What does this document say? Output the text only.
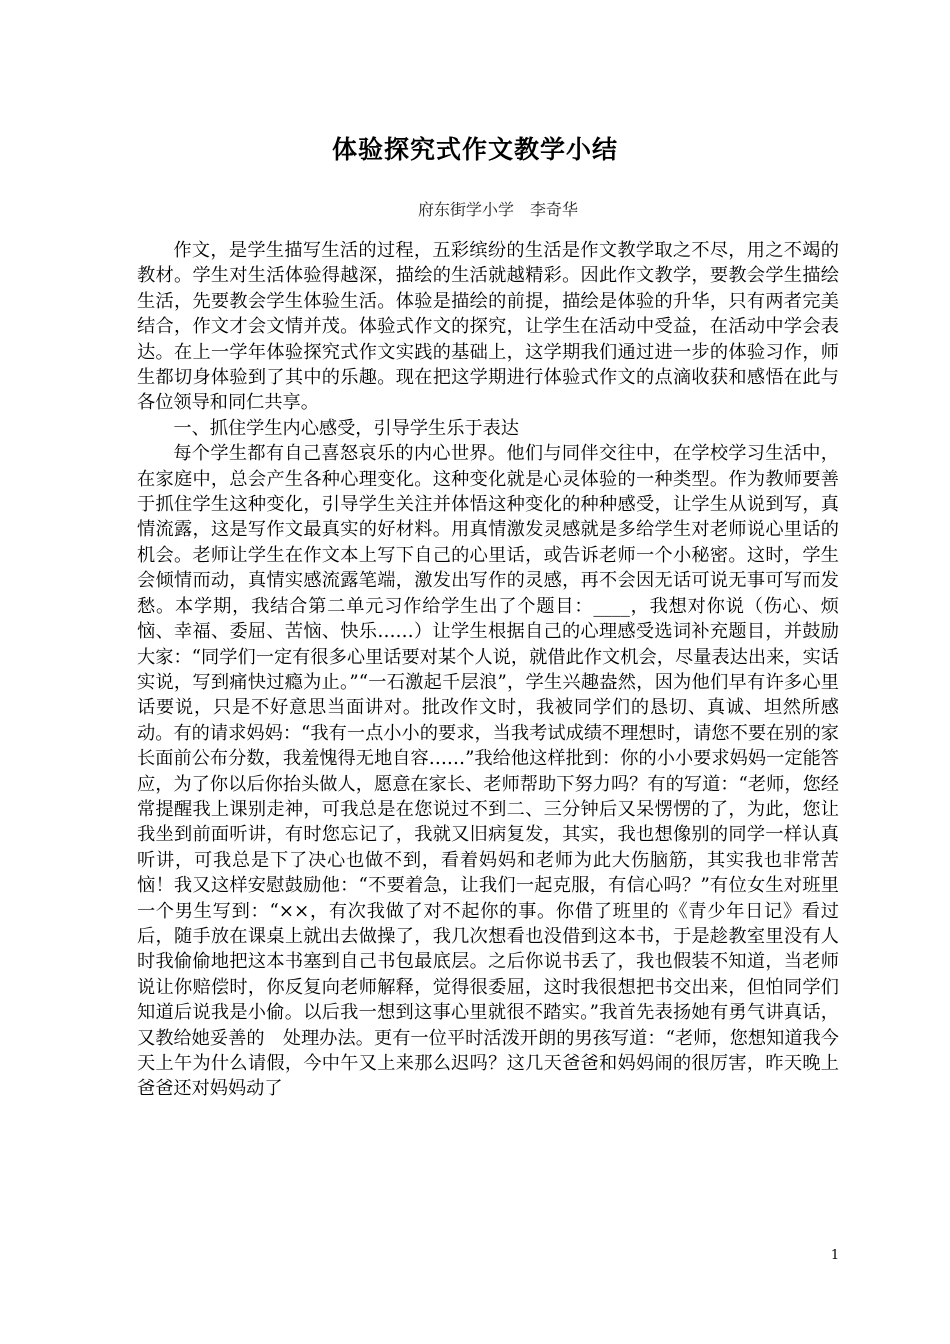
体验探究式作文教学小结
府东街学小学　李奇华

作文，是学生描写生活的过程，五彩缤纷的生活是作文教学取之不尽，用之不竭的教材。学生对生活体验得越深，描绘的生活就越精彩。因此作文教学，要教会学生描绘生活，先要教会学生体验生活。体验是描绘的前提，描绘是体验的升华，只有两者完美结合，作文才会文情并茂。体验式作文的探究，让学生在活动中受益，在活动中学会表达。在上一学年体验探究式作文实践的基础上，这学期我们通过进一步的体验习作，师生都切身体验到了其中的乐趣。现在把这学期进行体验式作文的点滴收获和感悟在此与各位领导和同仁共享。

一、抓住学生内心感受，引导学生乐于表达

每个学生都有自己喜怒哀乐的内心世界。他们与同伴交往中，在学校学习生活中，在家庭中，总会产生各种心理变化。这种变化就是心灵体验的一种类型。作为教师要善于抓住学生这种变化，引导学生关注并体悟这种变化的种种感受，让学生从说到写，真情流露，这是写作文最真实的好材料。用真情激发灵感就是多给学生对老师说心里话的机会。老师让学生在作文本上写下自己的心里话，或告诉老师一个小秘密。这时，学生会倾情而动，真情实感流露笔端，激发出写作的灵感，再不会因无话可说无事可写而发愁。本学期，我结合第二单元习作给学生出了个题目：____，我想对你说（伤心、烦恼、幸福、委屈、苦恼、快乐……）让学生根据自己的心理感受选词补充题目，并鼓励大家：“同学们一定有很多心里话要对某个人说，就借此作文机会，尽量表达出来，实话实说，写到痛快过瘾为止。”“一石激起千层浪”，学生兴趣盎然，因为他们早有许多心里话要说，只是不好意思当面讲对。批改作文时，我被同学们的恳切、真诚、坦然所感动。有的请求妈妈：“我有一点小小的要求，当我考试成绩不理想时，请您不要在别的家长面前公布分数，我羞愧得无地自容……”我给他这样批到：你的小小要求妈妈一定能答应，为了你以后你抬头做人，愿意在家长、老师帮助下努力吗？有的写道：“老师，您经常提醒我上课别走神，可我总是在您说过不到二、三分钟后又呆愣愣的了，为此，您让我坐到前面听讲，有时您忘记了，我就又旧病复发，其实，我也想像别的同学一样认真听讲，可我总是下了决心也做不到，看着妈妈和老师为此大伤脑筋，其实我也非常苦恼！我又这样安慰鼓励他：“不要着急，让我们一起克服，有信心吗？”有位女生对班里一个男生写到：“××，有次我做了对不起你的事。你借了班里的《青少年日记》看过后，随手放在课桌上就出去做操了，我几次想看也没借到这本书，于是趁教室里没有人时我偷偷地把这本书塞到自己书包最底层。之后你说书丢了，我也假装不知道，当老师说让你赔偿时，你反复向老师解释，觉得很委屈，这时我很想把书交出来，但怕同学们知道后说我是小偷。以后我一想到这事心里就很不踏实。”我首先表扬她有勇气讲真话，又教给她妥善的　处理办法。更有一位平时活泼开朗的男孩写道：“老师，您想知道我今天上午为什么请假，今中午又上来那么迟吗？这几天爸爸和妈妈闹的很厉害，昨天晚上爸爸还对妈妈动了

1
